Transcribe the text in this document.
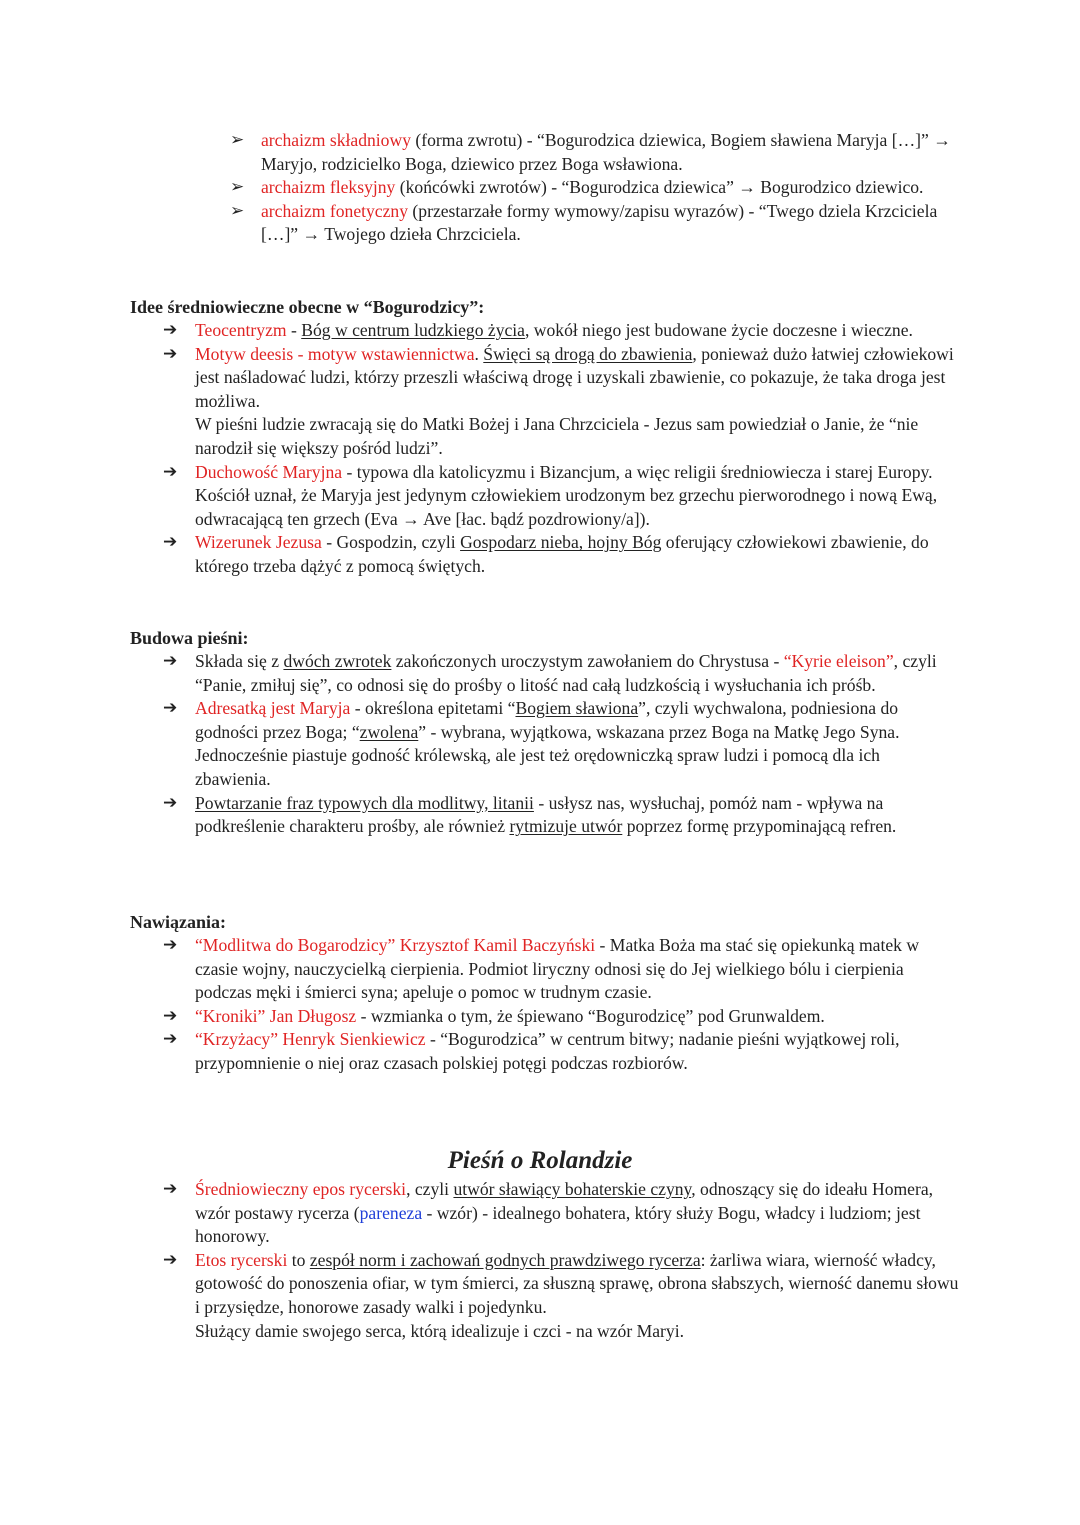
➢ archaizm składniowy (forma zwrotu) - “Bogurodzica dziewica, Bogiem sławiena Maryja […]” → Maryjo, rodzicielko Boga, dziewico przez Boga wsławiona.
➢ archaizm fleksyjny (końcówki zwrotów) - “Bogurodzica dziewica” → Bogurodzico dziewico.
➢ archaizm fonetyczny (przestarzałe formy wymowy/zapisu wyrazów) - “Twego dziela Krzciciela […]” → Twojego dzieła Chrzciciela.
Idee średniowieczne obecne w “Bogurodzicy”:
➔ Teocentryzm - Bóg w centrum ludzkiego życia, wokół niego jest budowane życie doczesne i wieczne.
➔ Motyw deesis - motyw wstawiennictwa. Święci są drogą do zbawienia, ponieważ dużo łatwiej człowiekowi jest naśladować ludzi, którzy przeszli właściwą drogę i uzyskali zbawienie, co pokazuje, że taka droga jest możliwa.
W pieśni ludzie zwracają się do Matki Bożej i Jana Chrzciciela - Jezus sam powiedział o Janie, że “nie narodził się większy pośród ludzi”.
➔ Duchowość Maryjna - typowa dla katolicyzmu i Bizancjum, a więc religii średniowiecza i starej Europy. Kościół uznał, że Maryja jest jedynym człowiekiem urodzonym bez grzechu pierworodnego i nową Ewą, odwracającą ten grzech (Eva → Ave [łac. bądź pozdrowiony/a]).
➔ Wizerunek Jezusa - Gospodzin, czyli Gospodarz nieba, hojny Bóg oferujący człowiekowi zbawienie, do którego trzeba dążyć z pomocą świętych.
Budowa pieśni:
➔ Składa się z dwóch zwrotek zakończonych uroczystym zawołaniem do Chrystusa - “Kyrie eleison”, czyli “Panie, zmiłuj się”, co odnosi się do prośby o litość nad całą ludzkością i wysłuchania ich próśb.
➔ Adresatką jest Maryja - określona epitetami “Bogiem sławiona”, czyli wychwalona, podniesiona do godności przez Boga; “zwolena” - wybrana, wyjątkowa, wskazana przez Boga na Matkę Jego Syna. Jednocześnie piastuje godność królewską, ale jest też orędowniczką spraw ludzi i pomocą dla ich zbawienia.
➔ Powtarzanie fraz typowych dla modlitwy, litanii - usłysz nas, wysłuchaj, pomóż nam - wpływa na podkreślenie charakteru prośby, ale również rytmizuje utwór poprzez formę przypominającą refren.
Nawiązania:
➔ “Modlitwa do Bogarodzicy” Krzysztof Kamil Baczyński - Matka Boża ma stać się opiekunką matek w czasie wojny, nauczycielką cierpienia. Podmiot liryczny odnosi się do Jej wielkiego bólu i cierpienia podczas męki i śmierci syna; apeluje o pomoc w trudnym czasie.
➔ “Kroniki” Jan Długosz - wzmianka o tym, że śpiewano “Bogurodzicę” pod Grunwaldem.
➔ “Krzyżacy” Henryk Sienkiewicz - “Bogurodzica” w centrum bitwy; nadanie pieśni wyjątkowej roli, przypomnienie o niej oraz czasach polskiej potęgi podczas rozbiorów.
Pieśń o Rolandzie
➔ Średniowieczny epos rycerski, czyli utwór sławiący bohaterskie czyny, odnoszący się do ideału Homera, wzór postawy rycerza (pareneza - wzór) - idealnego bohatera, który służy Bogu, władcy i ludziom; jest honorowy.
➔ Etos rycerski to zespół norm i zachowań godnych prawdziwego rycerza: żarliwa wiara, wierność władcy, gotowość do ponoszenia ofiar, w tym śmierci, za słuszną sprawę, obrona słabszych, wierność danemu słowu i przysiędze, honorowe zasady walki i pojedynku.
Służący damie swojego serca, którą idealizuje i czci - na wzór Maryi.
